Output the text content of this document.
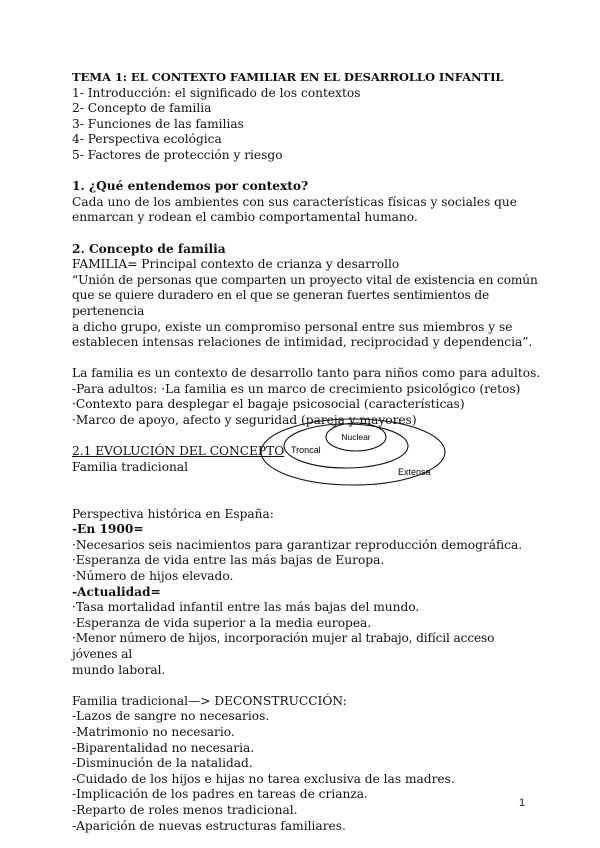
TEMA 1: EL CONTEXTO FAMILIAR EN EL DESARROLLO INFANTIL

1- Introducción: el significado de los contextos

2- Concepto de familia

3- Funciones de las familias

4- Perspectiva ecológica

5- Factores de protección y riesgo

1. ¿Qué entendemos por contexto?

Cada uno de los ambientes con sus características físicas y sociales que

enmarcan y rodean el cambio comportamental humano.

2. Concepto de familia

FAMILIA= Principal contexto de crianza y desarrollo

“Unión de personas que comparten un proyecto vital de existencia en común

que se quiere duradero en el que se generan fuertes sentimientos de pertenencia

a dicho grupo, existe un compromiso personal entre sus miembros y se

establecen intensas relaciones de intimidad, reciprocidad y dependencia”.

La familia es un contexto de desarrollo tanto para niños como para adultos.

-Para adultos: ·La familia es un marco de crecimiento psicológico (retos)

·Contexto para desplegar el bagaje psicosocial (características)

·Marco de apoyo, afecto y seguridad (pareja y mayores)

2.1 EVOLUCIÓN DEL CONCEPTO

Familia tradicional

Perspectiva histórica en España:

-En 1900=

·Necesarios seis nacimientos para garantizar reproducción demográfica.

·Esperanza de vida entre las más bajas de Europa.

·Número de hijos elevado.

-Actualidad=

·Tasa mortalidad infantil entre las más bajas del mundo.

·Esperanza de vida superior a la media europea.

·Menor número de hijos, incorporación mujer al trabajo, difícil acceso jóvenes al

mundo laboral.

Familia tradicional—> DECONSTRUCCIÓN:

-Lazos de sangre no necesarios.

-Matrimonio no necesario.

-Biparentalidad no necesaria.

-Disminución de la natalidad.

-Cuidado de los hijos e hijas no tarea exclusiva de las madres.

-Implicación de los padres en tareas de crianza.

-Reparto de roles menos tradicional.

-Aparición de nuevas estructuras familiares.

Nuclear
Troncal
Extensa
1
